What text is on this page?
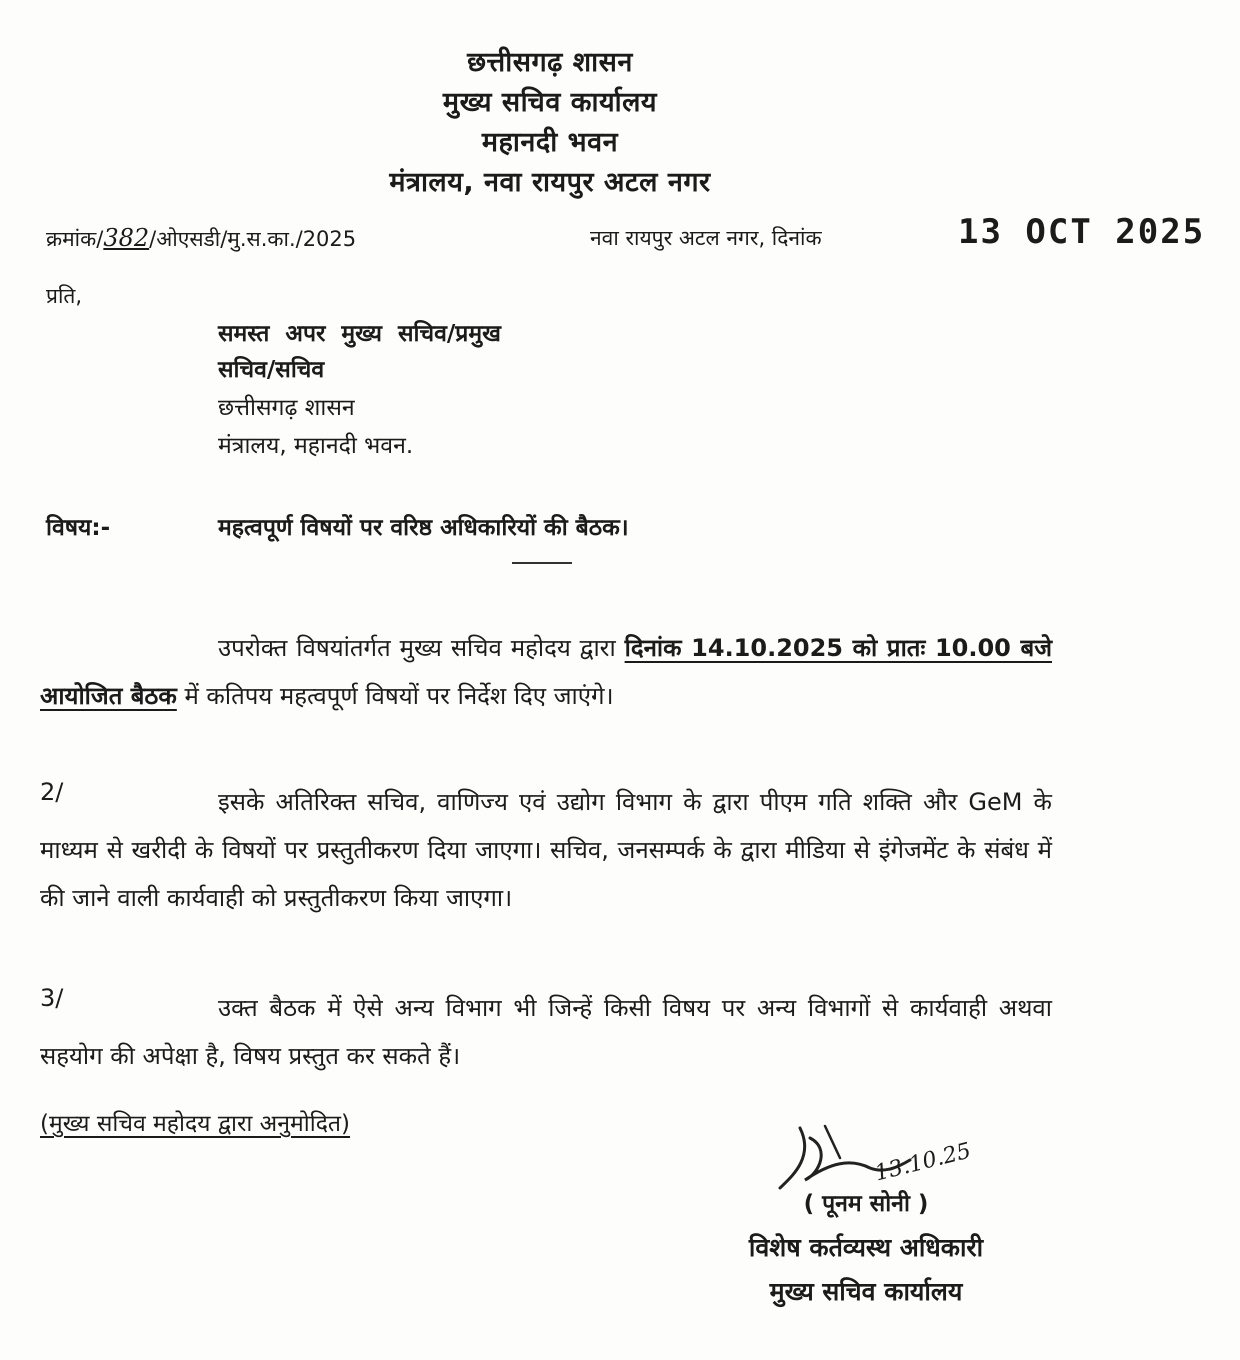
छत्तीसगढ़ शासन
मुख्य सचिव कार्यालय
महानदी भवन
मंत्रालय, नवा रायपुर अटल नगर
क्रमांक/382/ओएसडी/मु.स.का./2025	नवा रायपुर अटल नगर, दिनांक	13 OCT 2025
प्रति,
समस्त अपर मुख्य सचिव/प्रमुख
सचिव/सचिव
छत्तीसगढ़ शासन
मंत्रालय, महानदी भवन.
विषय:-	महत्वपूर्ण विषयों पर वरिष्ठ अधिकारियों की बैठक।
उपरोक्त विषयांतर्गत मुख्य सचिव महोदय द्वारा दिनांक 14.10.2025 को प्रातः 10.00 बजे आयोजित बैठक में कतिपय महत्वपूर्ण विषयों पर निर्देश दिए जाएंगे।
2/	इसके अतिरिक्त सचिव, वाणिज्य एवं उद्योग विभाग के द्वारा पीएम गति शक्ति और GeM के माध्यम से खरीदी के विषयों पर प्रस्तुतीकरण दिया जाएगा। सचिव, जनसम्पर्क के द्वारा मीडिया से इंगेजमेंट के संबंध में की जाने वाली कार्यवाही को प्रस्तुतीकरण किया जाएगा।
3/	उक्त बैठक में ऐसे अन्य विभाग भी जिन्हें किसी विषय पर अन्य विभागों से कार्यवाही अथवा सहयोग की अपेक्षा है, विषय प्रस्तुत कर सकते हैं।
(मुख्य सचिव महोदय द्वारा अनुमोदित)
13.10.25
( पूनम सोनी )
विशेष कर्तव्यस्थ अधिकारी
मुख्य सचिव कार्यालय
